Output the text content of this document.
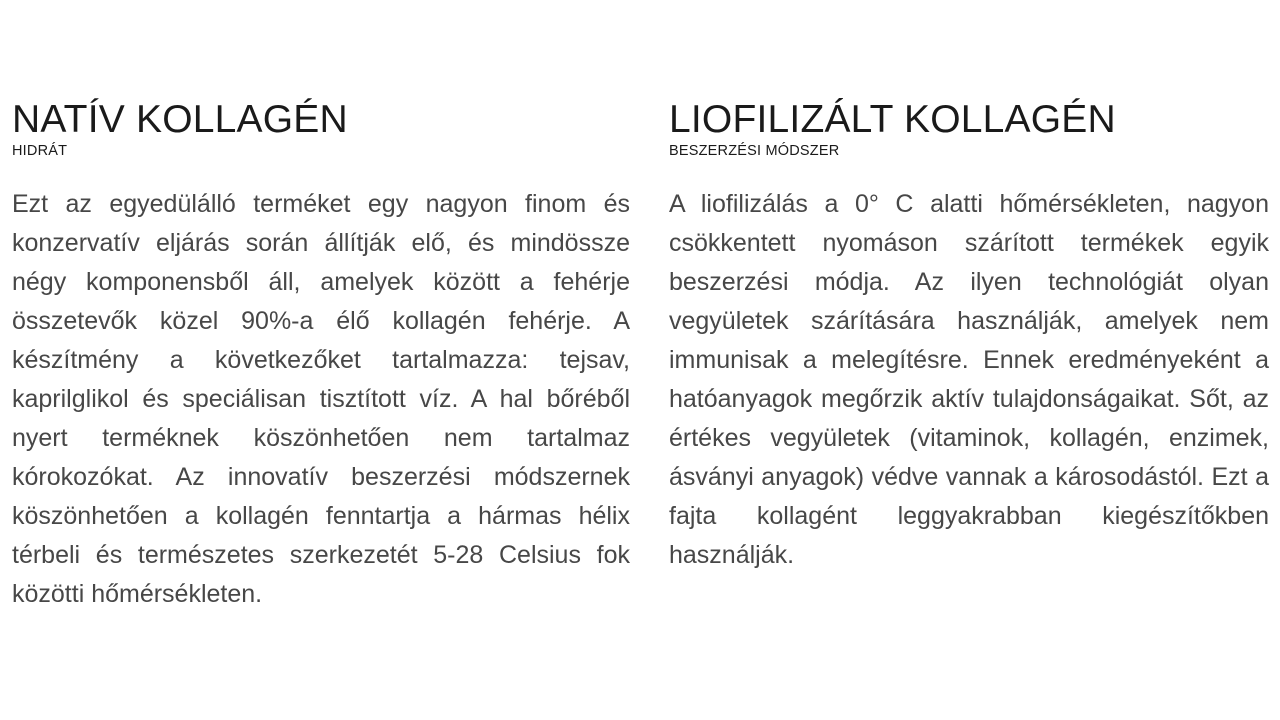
NATÍV KOLLAGÉN
HIDRÁT

Ezt az egyedülálló terméket egy nagyon finom és konzervatív eljárás során állítják elő, és mindössze négy komponensből áll, amelyek között a fehérje összetevők közel 90%-a élő kollagén fehérje. A készítmény a következőket tartalmazza: tejsav, kaprilglikol és speciálisan tisztított víz. A hal bőréből nyert terméknek köszönhetően nem tartalmaz kórokozókat. Az innovatív beszerzési módszernek köszönhetően a kollagén fenntartja a hármas hélix térbeli és természetes szerkezetét 5-28 Celsius fok közötti hőmérsékleten.

LIOFILIZÁLT KOLLAGÉN
BESZERZÉSI MÓDSZER

A liofilizálás a 0° C alatti hőmérsékleten, nagyon csökkentett nyomáson szárított termékek egyik beszerzési módja. Az ilyen technológiát olyan vegyületek szárítására használják, amelyek nem immunisak a melegítésre. Ennek eredményeként a hatóanyagok megőrzik aktív tulajdonságaikat. Sőt, az értékes vegyületek (vitaminok, kollagén, enzimek, ásványi anyagok) védve vannak a károsodástól. Ezt a fajta kollagént leggyakrabban kiegészítőkben használják.
